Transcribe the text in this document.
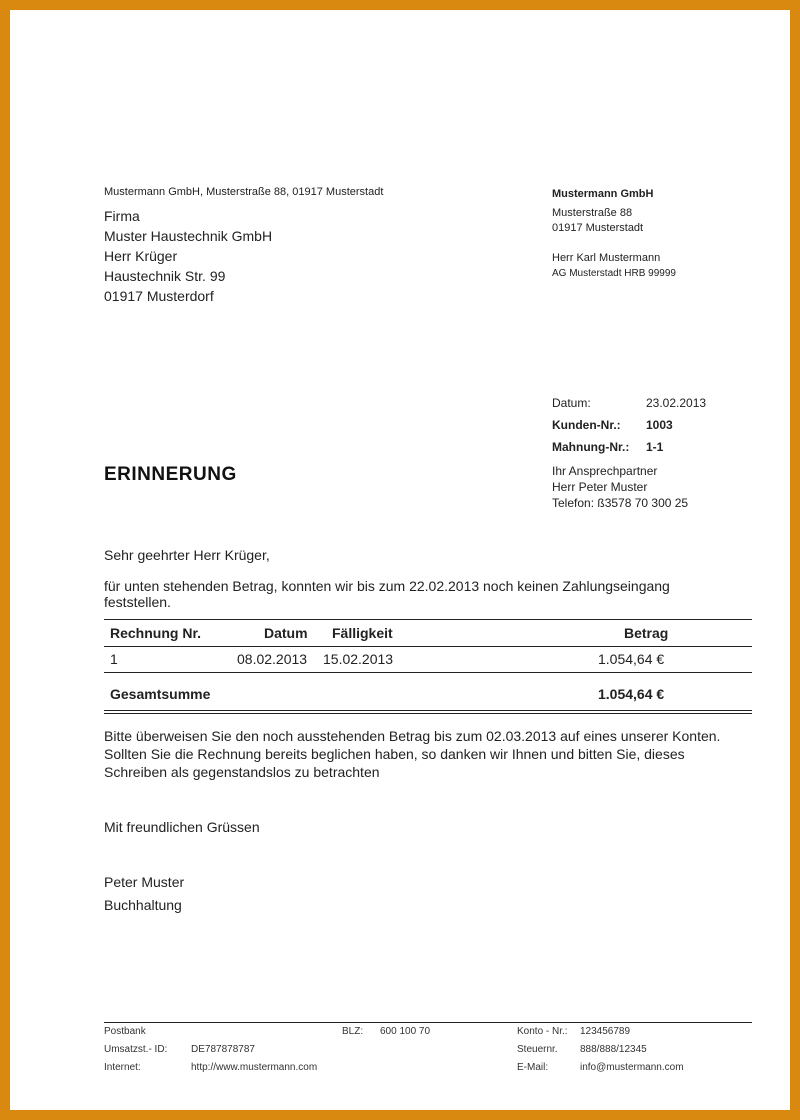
Mustermann GmbH, Musterstraße 88, 01917 Musterstadt
Firma
Muster Haustechnik GmbH
Herr Krüger
Haustechnik Str. 99
01917 Musterdorf
Mustermann GmbH
Musterstraße 88
01917 Musterstadt
Herr Karl Mustermann
AG Musterstadt HRB 99999
Datum:	23.02.2013
Kunden-Nr.: 1003
Mahnung-Nr.: 1-1
Ihr Ansprechpartner
Herr Peter Muster
Telefon: ß3578 70 300 25
ERINNERUNG
Sehr geehrter Herr Krüger,
für unten stehenden Betrag, konnten wir bis zum 22.02.2013 noch keinen Zahlungseingang feststellen.
Rechnung Nr.	Datum Fälligkeit	Betrag
1	08.02.2013 15.02.2013	1.054,64 €
Gesamtsumme	1.054,64 €
Bitte überweisen Sie den noch ausstehenden Betrag bis zum 02.03.2013 auf eines unserer Konten. Sollten Sie die Rechnung bereits beglichen haben, so danken wir Ihnen und bitten Sie, dieses Schreiben als gegenstandslos zu betrachten
Mit freundlichen Grüssen
Peter Muster
Buchhaltung
Postbank	BLZ: 600 100 70	Konto - Nr.: 123456789
Umsatzst.- ID: DE787878787	Steuernr. 888/888/12345
Internet:	http://www.mustermann.com	E-Mail:	info@mustermann.com
